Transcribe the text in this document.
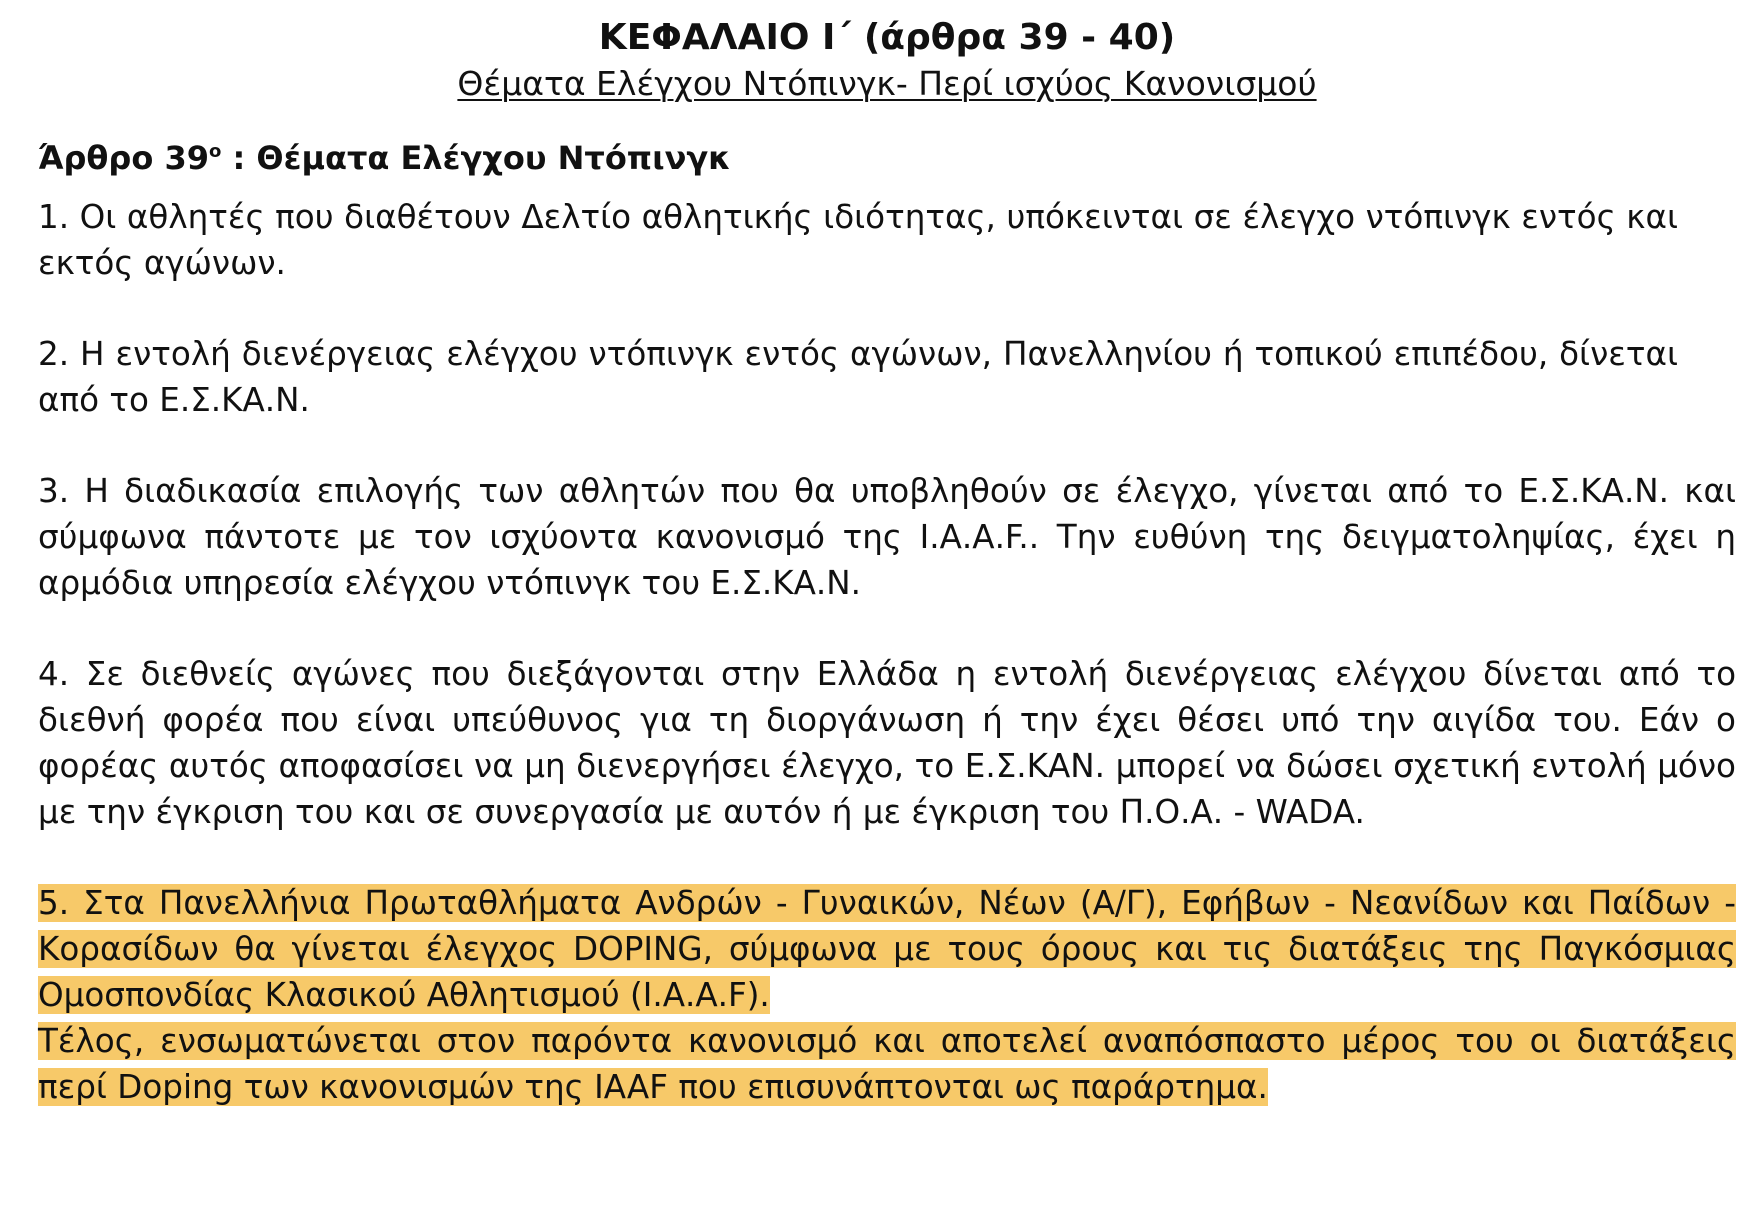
ΚΕΦΑΛΑΙΟ Ι΄ (άρθρα 39 - 40)

Θέματα Ελέγχου Ντόπινγκ- Περί ισχύος Κανονισμού

Άρθρο $39^o$ : Θέματα Ελέγχου Ντόπινγκ

1. Οι αθλητές που διαθέτουν Δελτίο αθλητικής ιδιότητας, υπόκεινται σε έλεγχο ντόπινγκ εντός και εκτός αγώνων.

2. Η εντολή διενέργειας ελέγχου ντόπινγκ εντός αγώνων, Πανελληνίου ή τοπικού επιπέδου, δίνεται από το Ε.Σ.ΚΑ.Ν.

3. Η διαδικασία επιλογής των αθλητών που θα υποβληθούν σε έλεγχο, γίνεται από το Ε.Σ.ΚΑ.Ν. και σύμφωνα πάντοτε με τον ισχύοντα κανονισμό της Ι.Α.Α.F.. Την ευθύνη της δειγματοληψίας, έχει η αρμόδια υπηρεσία ελέγχου ντόπινγκ του Ε.Σ.ΚΑ.Ν.

4. Σε διεθνείς αγώνες που διεξάγονται στην Ελλάδα η εντολή διενέργειας ελέγχου δίνεται από το διεθνή φορέα που είναι υπεύθυνος για τη διοργάνωση ή την έχει θέσει υπό την αιγίδα του. Εάν ο φορέας αυτός αποφασίσει να μη διενεργήσει έλεγχο, το Ε.Σ.ΚΑΝ. μπορεί να δώσει σχετική εντολή μόνο με την έγκριση του και σε συνεργασία με αυτόν ή με έγκριση του Π.Ο.Α. - WADA.

5. Στα Πανελλήνια Πρωταθλήματα Ανδρών - Γυναικών, Νέων (Α/Γ), Εφήβων - Νεανίδων και Παίδων - Κορασίδων θα γίνεται έλεγχος DOPING, σύμφωνα με τους όρους και τις διατάξεις της Παγκόσμιας Ομοσπονδίας Κλασικού Αθλητισμού (Ι.Α.Α.F).
Τέλος, ενσωματώνεται στον παρόντα κανονισμό και αποτελεί αναπόσπαστο μέρος του οι διατάξεις περί Doping των κανονισμών της IAAF που επισυνάπτονται ως παράρτημα.
